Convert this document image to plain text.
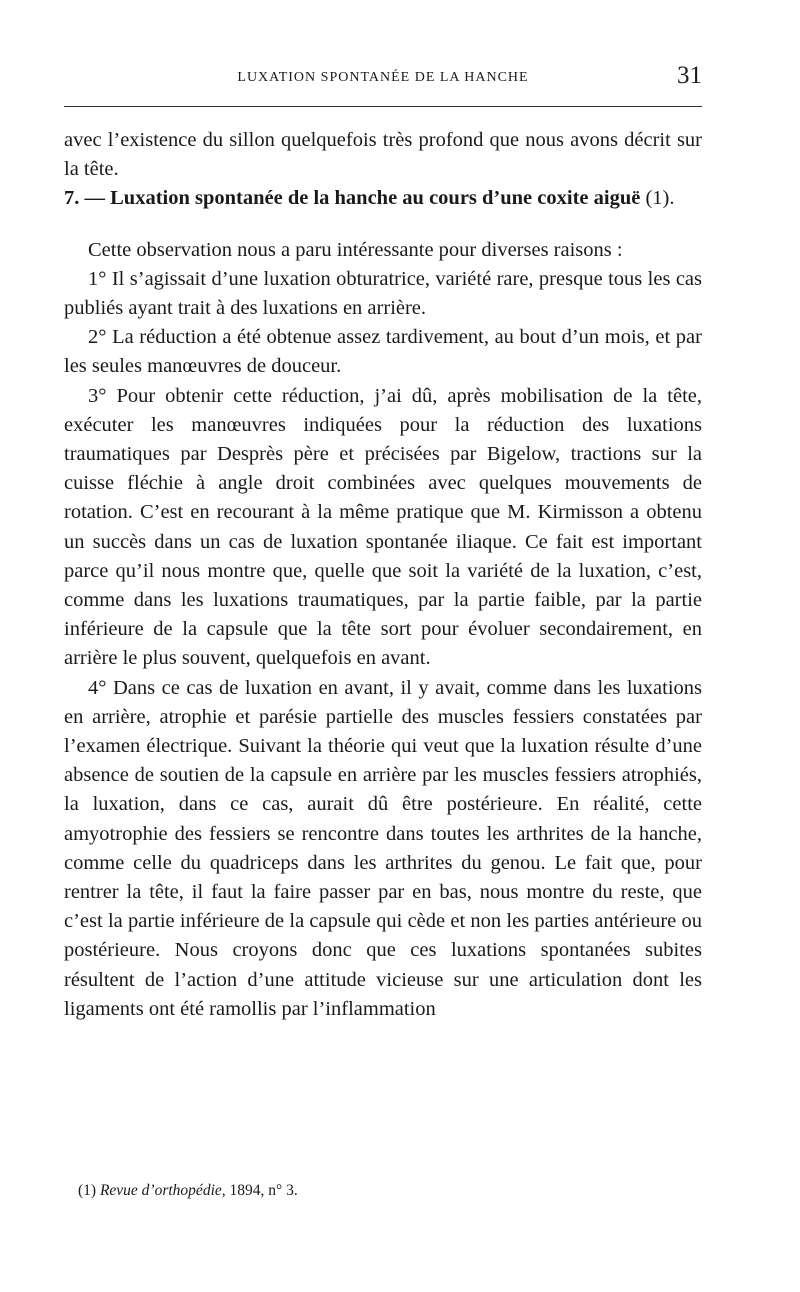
LUXATION SPONTANÉE DE LA HANCHE	31

avec l’existence du sillon quelquefois très profond que nous avons décrit sur la tête.

7. — Luxation spontanée de la hanche au cours d’une coxite aiguë (1).

Cette observation nous a paru intéressante pour diverses raisons :

1° Il s’agissait d’une luxation obturatrice, variété rare, presque tous les cas publiés ayant trait à des luxations en arrière.

2° La réduction a été obtenue assez tardivement, au bout d’un mois, et par les seules manœuvres de douceur.

3° Pour obtenir cette réduction, j’ai dû, après mobilisation de la tête, exécuter les manœuvres indiquées pour la réduction des luxations traumatiques par Desprès père et précisées par Bigelow, tractions sur la cuisse fléchie à angle droit combinées avec quelques mouvements de rotation. C’est en recourant à la même pratique que M. Kirmisson a obtenu un succès dans un cas de luxation spontanée iliaque. Ce fait est important parce qu’il nous montre que, quelle que soit la variété de la luxation, c’est, comme dans les luxations traumatiques, par la partie faible, par la partie inférieure de la capsule que la tête sort pour évoluer secondairement, en arrière le plus souvent, quelquefois en avant.

4° Dans ce cas de luxation en avant, il y avait, comme dans les luxations en arrière, atrophie et parésie partielle des muscles fessiers constatées par l’examen électrique. Suivant la théorie qui veut que la luxation résulte d’une absence de soutien de la capsule en arrière par les muscles fessiers atrophiés, la luxation, dans ce cas, aurait dû être postérieure. En réalité, cette amyotrophie des fessiers se rencontre dans toutes les arthrites de la hanche, comme celle du quadriceps dans les arthrites du genou. Le fait que, pour rentrer la tête, il faut la faire passer par en bas, nous montre du reste, que c’est la partie inférieure de la capsule qui cède et non les parties antérieure ou postérieure. Nous croyons donc que ces luxations spontanées subites résultent de l’action d’une attitude vicieuse sur une articulation dont les ligaments ont été ramollis par l’inflammation

(1) Revue d’orthopédie, 1894, n° 3.
